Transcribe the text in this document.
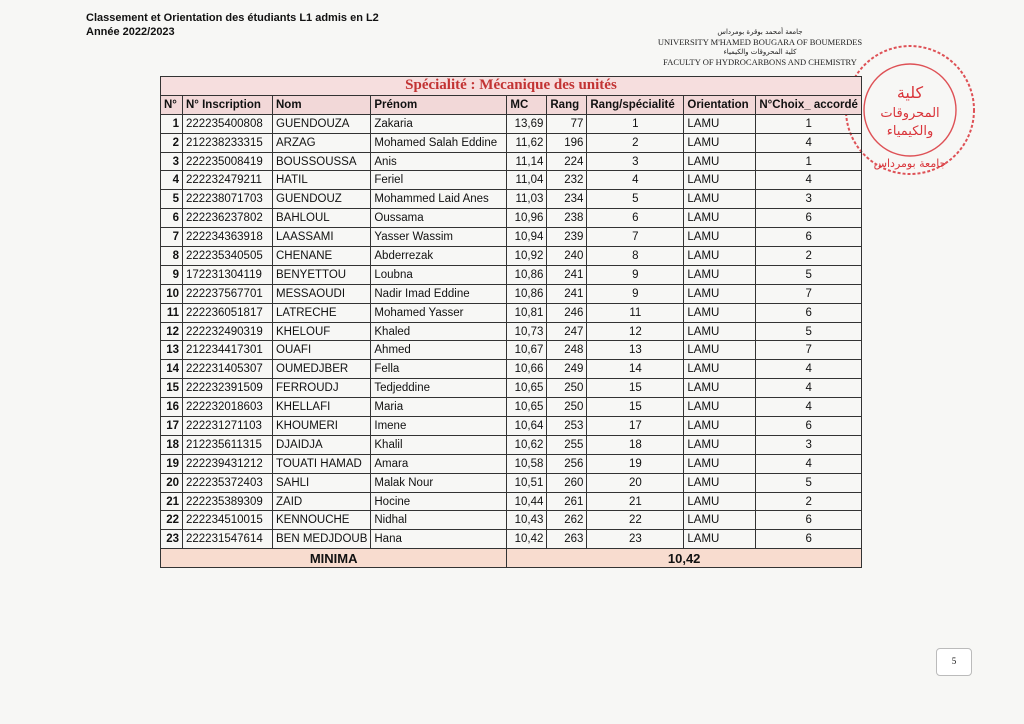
Classement et Orientation des étudiants L1 admis en L2
Année 2022/2023	جامعة أمحمد بوقرة بومرداس
UNIVERSITY M'HAMED BOUGARA OF BOUMERDES
كلية المحروقات والكيمياء
FACULTY OF HYDROCARBONS AND CHEMISTRY
كلية
المحروقات
والكيمياء
جامعة بومرداس
Spécialité : Mécanique des unités								
N°	N° Inscription	Nom	Prénom	MC	Rang	Rang/spécialité	Orientation	N°Choix_ accordé
1	222235400808	GUENDOUZA	Zakaria	13,69	77	1	LAMU	1
2	212238233315	ARZAG	Mohamed Salah Eddine	11,62	196	2	LAMU	4
3	222235008419	BOUSSOUSSA	Anis	11,14	224	3	LAMU	1
4	222232479211	HATIL	Feriel	11,04	232	4	LAMU	4
5	222238071703	GUENDOUZ	Mohammed Laid Anes	11,03	234	5	LAMU	3
6	222236237802	BAHLOUL	Oussama	10,96	238	6	LAMU	6
7	222234363918	LAASSAMI	Yasser Wassim	10,94	239	7	LAMU	6
8	222235340505	CHENANE	Abderrezak	10,92	240	8	LAMU	2
9	172231304119	BENYETTOU	Loubna	10,86	241	9	LAMU	5
10	222237567701	MESSAOUDI	Nadir Imad Eddine	10,86	241	9	LAMU	7
11	222236051817	LATRECHE	Mohamed Yasser	10,81	246	11	LAMU	6
12	222232490319	KHELOUF	Khaled	10,73	247	12	LAMU	5
13	212234417301	OUAFI	Ahmed	10,67	248	13	LAMU	7
14	222231405307	OUMEDJBER	Fella	10,66	249	14	LAMU	4
15	222232391509	FERROUDJ	Tedjeddine	10,65	250	15	LAMU	4
16	222232018603	KHELLAFI	Maria	10,65	250	15	LAMU	4
17	222231271103	KHOUMERI	Imene	10,64	253	17	LAMU	6
18	212235611315	DJAIDJA	Khalil	10,62	255	18	LAMU	3
19	222239431212	TOUATI HAMAD	Amara	10,58	256	19	LAMU	4
20	222235372403	SAHLI	Malak Nour	10,51	260	20	LAMU	5
21	222235389309	ZAID	Hocine	10,44	261	21	LAMU	2
22	222234510015	KENNOUCHE	Nidhal	10,43	262	22	LAMU	6
23	222231547614	BEN MEDJDOUB	Hana	10,42	263	23	LAMU	6
MINIMA				10,42				
5
